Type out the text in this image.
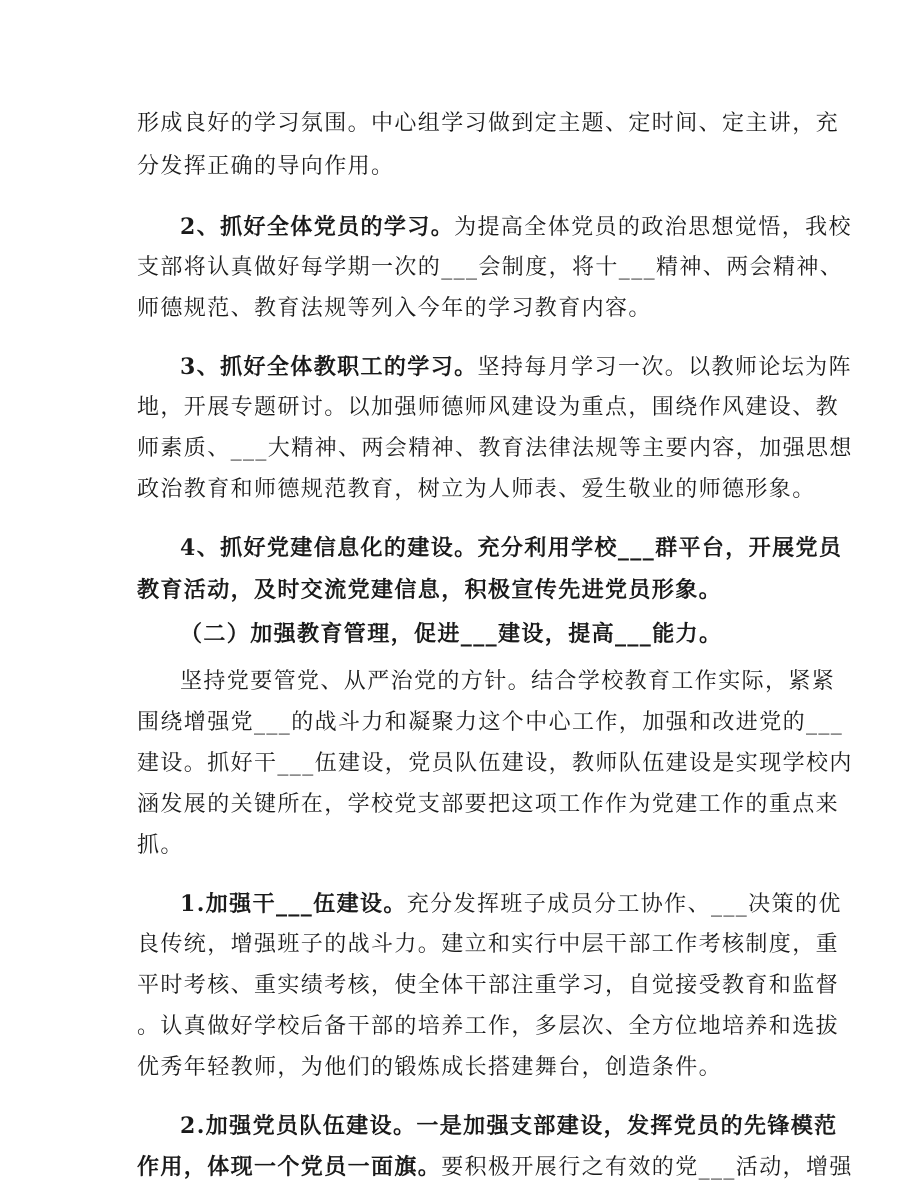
形成良好的学习氛围。中心组学习做到定主题、定时间、定主讲，充
分发挥正确的导向作用。
2、抓好全体党员的学习。为提高全体党员的政治思想觉悟，我校
支部将认真做好每学期一次的___会制度，将十___精神、两会精神、
师德规范、教育法规等列入今年的学习教育内容。
3、抓好全体教职工的学习。坚持每月学习一次。以教师论坛为阵
地，开展专题研讨。以加强师德师风建设为重点，围绕作风建设、教
师素质、___大精神、两会精神、教育法律法规等主要内容，加强思想
政治教育和师德规范教育，树立为人师表、爱生敬业的师德形象。
4、抓好党建信息化的建设。充分利用学校___群平台，开展党员
教育活动，及时交流党建信息，积极宣传先进党员形象。
（二）加强教育管理，促进___建设，提高___能力。
坚持党要管党、从严治党的方针。结合学校教育工作实际，紧紧
围绕增强党___的战斗力和凝聚力这个中心工作，加强和改进党的___
建设。抓好干___伍建设，党员队伍建设，教师队伍建设是实现学校内
涵发展的关键所在，学校党支部要把这项工作作为党建工作的重点来
抓。
1.加强干___伍建设。充分发挥班子成员分工协作、___决策的优
良传统，增强班子的战斗力。建立和实行中层干部工作考核制度，重
平时考核、重实绩考核，使全体干部注重学习，自觉接受教育和监督
。认真做好学校后备干部的培养工作，多层次、全方位地培养和选拔
优秀年轻教师，为他们的锻炼成长搭建舞台，创造条件。
2.加强党员队伍建设。一是加强支部建设，发挥党员的先锋模范
作用，体现一个党员一面旗。要积极开展行之有效的党___活动，增强
